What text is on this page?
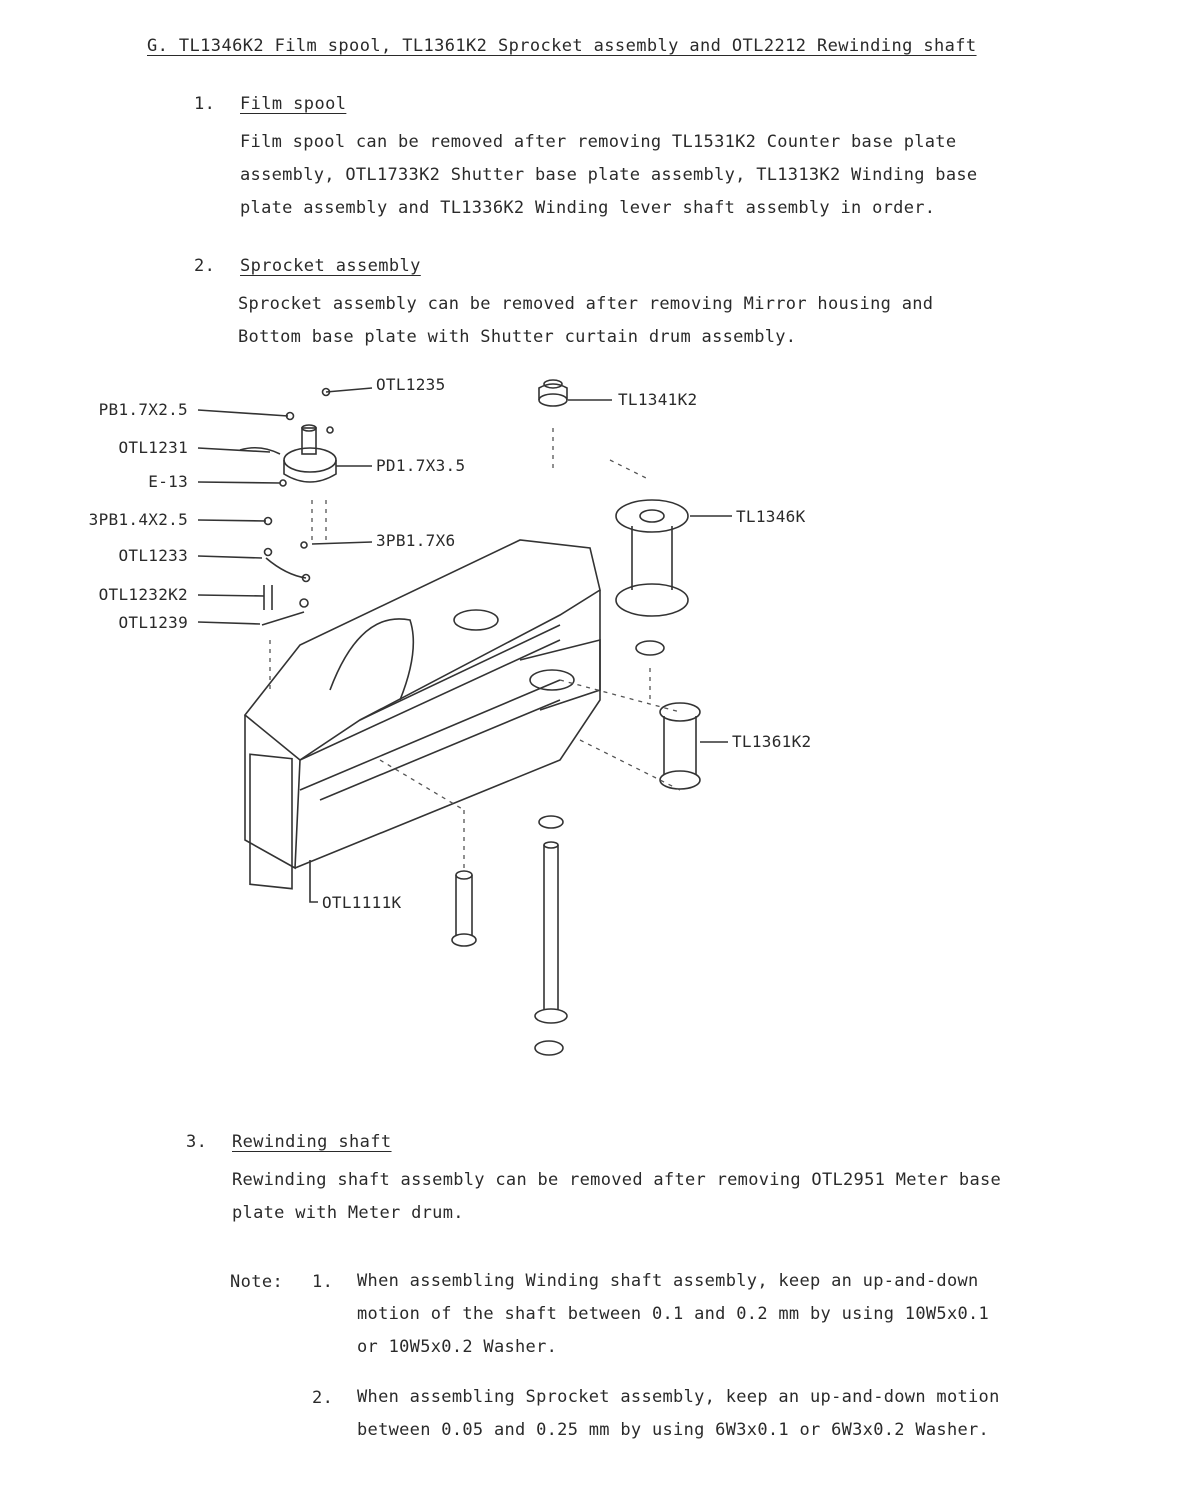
G. TL1346K2 Film spool, TL1361K2 Sprocket assembly and OTL2212 Rewinding shaft
1. Film spool
Film spool can be removed after removing TL1531K2 Counter base plate
assembly, OTL1733K2 Shutter base plate assembly, TL1313K2 Winding base
plate assembly and TL1336K2 Winding lever shaft assembly in order.
2. Sprocket assembly
Sprocket assembly can be removed after removing Mirror housing and
Bottom base plate with Shutter curtain drum assembly.
PB1.7X2.5
OTL1231
E-13
3PB1.4X2.5
OTL1233
OTL1232K2
OTL1239
OTL1235
PD1.7X3.5
3PB1.7X6
TL1341K2
TL1346K
TL1361K2
OTL1111K
3. Rewinding shaft
Rewinding shaft assembly can be removed after removing OTL2951 Meter base
plate with Meter drum.
Note: 1. When assembling Winding shaft assembly, keep an up-and-down
motion of the shaft between 0.1 and 0.2 mm by using 10W5x0.1
or 10W5x0.2 Washer.
2. When assembling Sprocket assembly, keep an up-and-down motion
between 0.05 and 0.25 mm by using 6W3x0.1 or 6W3x0.2 Washer.
